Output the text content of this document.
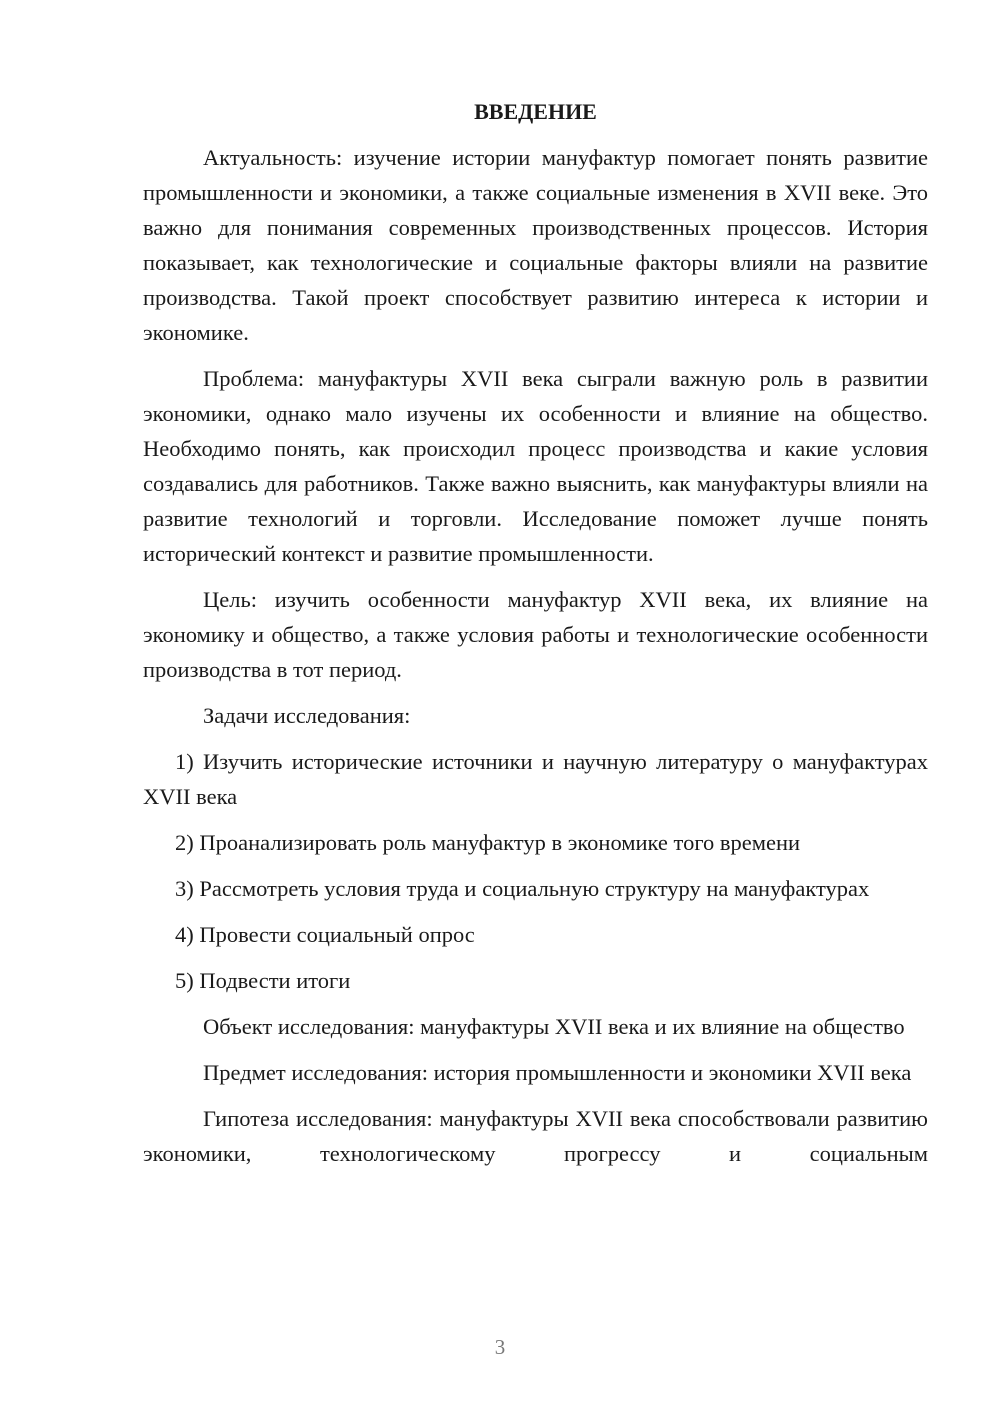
ВВЕДЕНИЕ
Актуальность: изучение истории мануфактур помогает понять развитие промышленности и экономики, а также социальные изменения в XVII веке. Это важно для понимания современных производственных процессов. История показывает, как технологические и социальные факторы влияли на развитие производства. Такой проект способствует развитию интереса к истории и экономике.
Проблема: мануфактуры XVII века сыграли важную роль в развитии экономики, однако мало изучены их особенности и влияние на общество. Необходимо понять, как происходил процесс производства и какие условия создавались для работников. Также важно выяснить, как мануфактуры влияли на развитие технологий и торговли. Исследование поможет лучше понять исторический контекст и развитие промышленности.
Цель: изучить особенности мануфактур XVII века, их влияние на экономику и общество, а также условия работы и технологические особенности производства в тот период.
Задачи исследования:
1) Изучить исторические источники и научную литературу о мануфактурах XVII века
2) Проанализировать роль мануфактур в экономике того времени
3) Рассмотреть условия труда и социальную структуру на мануфактурах
4) Провести социальный опрос
5) Подвести итоги
Объект исследования: мануфактуры XVII века и их влияние на общество
Предмет исследования: история промышленности и экономики XVII века
Гипотеза исследования: мануфактуры XVII века способствовали развитию экономики, технологическому прогрессу и социальным
3
